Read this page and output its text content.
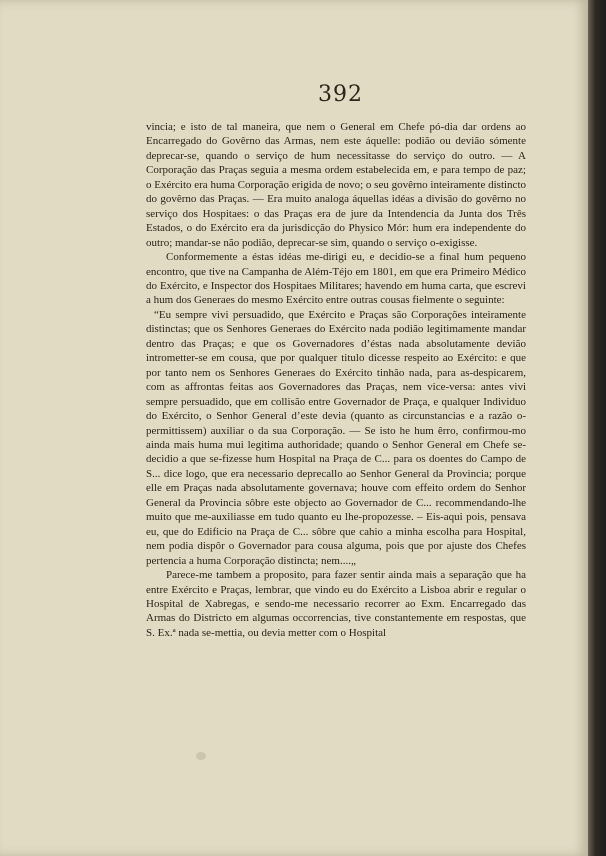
392

vincia; e isto de tal maneira, que nem o General em Chefe pó-dia dar ordens ao Encarregado do Govêrno das Armas, nem este áquelle: podião ou devião sómente deprecar-se, quando o serviço de hum necessitasse do serviço do outro. — A Corporação das Praças seguia a mesma ordem estabelecida em, e para tempo de paz; o Exército era huma Corporação erigida de novo; o seu govêrno inteiramente distincto do govêrno das Praças. — Era muito analoga áquellas idéas a divisão do govêrno no serviço dos Hospitaes: o das Praças era de jure da Intendencia da Junta dos Três Estados, o do Exército era da jurisdicção do Physico Mór: hum era independente do outro; mandar-se não podião, deprecar-se sim, quando o serviço o-exigisse.

Conformemente a éstas idéas me-dirigi eu, e decidio-se a final hum pequeno encontro, que tive na Campanha de Além-Téjo em 1801, em que era Primeiro Médico do Exército, e Inspector dos Hospitaes Militares; havendo em huma carta, que escrevi a hum dos Generaes do mesmo Exército entre outras cousas fielmente o seguinte:

“Eu sempre vivi persuadido, que Exército e Praças são Corporações inteiramente distinctas; que os Senhores Generaes do Exército nada podião legitimamente mandar dentro das Praças; e que os Governadores d’éstas nada absolutamente devião intrometter-se em cousa, que por qualquer titulo dicesse respeito ao Exército: e que por tanto nem os Senhores Generaes do Exército tinhão nada, para as-despicarem, com as affrontas feitas aos Governadores das Praças, nem vice-versa: antes vivi sempre persuadido, que em collisão entre Governador de Praça, e qualquer Individuo do Exército, o Senhor General d’este devia (quanto as circunstancias e a razão o-permittissem) auxiliar o da sua Corporação. — Se isto he hum êrro, confirmou-mo ainda mais huma mui legitima authoridade; quando o Senhor General em Chefe se-decidio a que se-fizesse hum Hospital na Praça de C... para os doentes do Campo de S... dice logo, que era necessario deprecallo ao Senhor General da Provincia; porque elle em Praças nada absolutamente governava; houve com effeito ordem do Senhor General da Provincia sôbre este objecto ao Governador de C... recommendando-lhe muito que me-auxiliasse em tudo quanto eu lhe-propozesse. – Eis-aqui pois, pensava eu, que do Edificio na Praça de C... sôbre que cahio a minha escolha para Hospital, nem podia dispôr o Governador para cousa alguma, pois que por ajuste dos Chefes pertencia a huma Corporação distincta; nem....„

Parece-me tambem a proposito, para fazer sentir ainda mais a separação que ha entre Exército e Praças, lembrar, que vindo eu do Exército a Lisboa abrir e regular o Hospital de Xabregas, e sendo-me necessario recorrer ao Exm. Encarregado das Armas do Districto em algumas occorrencias, tive constantemente em respostas, que S. Ex.ª nada se-mettia, ou devia metter com o Hospital
